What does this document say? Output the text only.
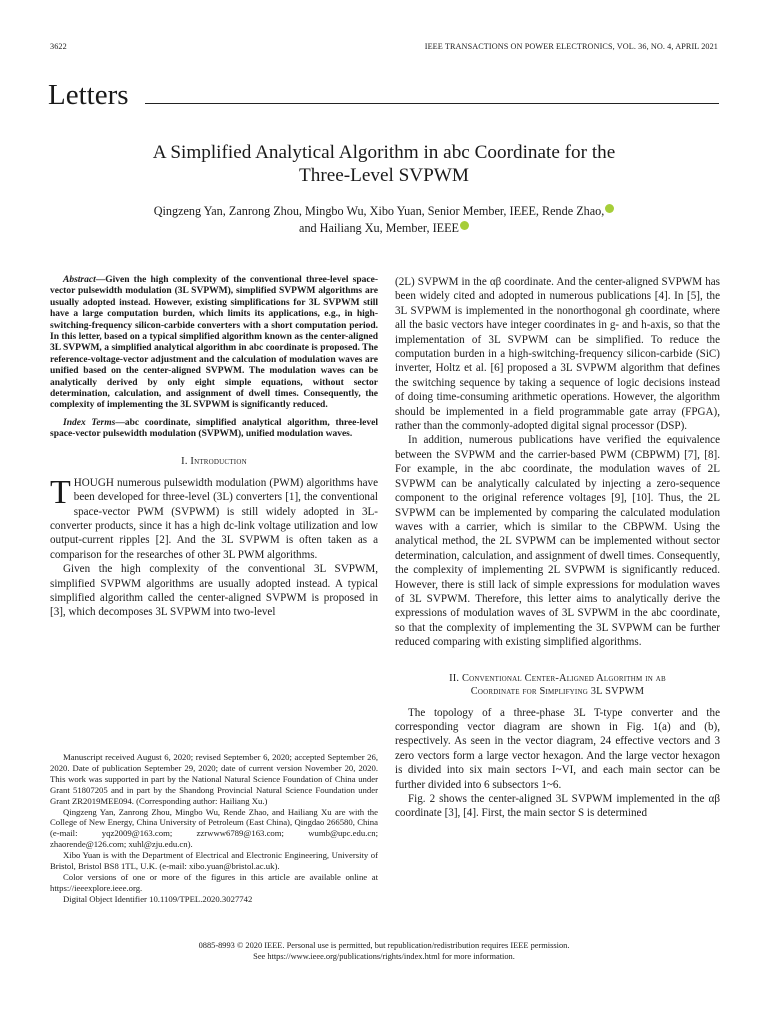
3622	IEEE TRANSACTIONS ON POWER ELECTRONICS, VOL. 36, NO. 4, APRIL 2021
Letters
A Simplified Analytical Algorithm in abc Coordinate for the
Three-Level SVPWM
Qingzeng Yan, Zanrong Zhou, Mingbo Wu, Xibo Yuan, Senior Member, IEEE, Rende Zhao,
and Hailiang Xu, Member, IEEE

Abstract—Given the high complexity of the conventional three-level space-vector pulsewidth modulation (3L SVPWM), simplified SVPWM algorithms are usually adopted instead. However, existing simplifications for 3L SVPWM still have a large computation burden, which limits its applications, e.g., in high-switching-frequency silicon-carbide converters with a short computation period. In this letter, based on a typical simplified algorithm known as the center-aligned 3L SVPWM, a simplified analytical algorithm in abc coordinate is proposed. The reference-voltage-vector adjustment and the calculation of modulation waves are unified based on the center-aligned SVPWM. The modulation waves can be analytically derived by only eight simple equations, without sector determination, calculation, and assignment of dwell times. Consequently, the complexity of implementing the 3L SVPWM is significantly reduced.

Index Terms—abc coordinate, simplified analytical algorithm, three-level space-vector pulsewidth modulation (SVPWM), unified modulation waves.

I. Introduction

THOUGH numerous pulsewidth modulation (PWM) algorithms have been developed for three-level (3L) converters [1], the conventional space-vector PWM (SVPWM) is still widely adopted in 3L-converter products, since it has a high dc-link voltage utilization and low output-current ripples [2]. And the 3L SVPWM is often taken as a comparison for the researches of other 3L PWM algorithms.

Given the high complexity of the conventional 3L SVPWM, simplified SVPWM algorithms are usually adopted instead. A typical simplified algorithm called the center-aligned SVPWM is proposed in [3], which decomposes 3L SVPWM into two-level

Manuscript received August 6, 2020; revised September 6, 2020; accepted September 26, 2020. Date of publication September 29, 2020; date of current version November 20, 2020. This work was supported in part by the National Natural Science Foundation of China under Grant 51807205 and in part by the Shandong Provincial Natural Science Foundation under Grant ZR2019MEE094. (Corresponding author: Hailiang Xu.)

Qingzeng Yan, Zanrong Zhou, Mingbo Wu, Rende Zhao, and Hailiang Xu are with the College of New Energy, China University of Petroleum (East China), Qingdao 266580, China (e-mail: yqz2009@163.com; zzrwww6789@163.com; wumb@upc.edu.cn; zhaorende@126.com; xuhl@zju.edu.cn).

Xibo Yuan is with the Department of Electrical and Electronic Engineering, University of Bristol, Bristol BS8 1TL, U.K. (e-mail: xibo.yuan@bristol.ac.uk).

Color versions of one or more of the figures in this article are available online at https://ieeexplore.ieee.org.

Digital Object Identifier 10.1109/TPEL.2020.3027742

(2L) SVPWM in the αβ coordinate. And the center-aligned SVPWM has been widely cited and adopted in numerous publications [4]. In [5], the 3L SVPWM is implemented in the nonorthogonal gh coordinate, where all the basic vectors have integer coordinates in g- and h-axis, so that the implementation of 3L SVPWM can be simplified. To reduce the computation burden in a high-switching-frequency silicon-carbide (SiC) inverter, Holtz et al. [6] proposed a 3L SVPWM algorithm that defines the switching sequence by taking a sequence of logic decisions instead of doing time-consuming arithmetic operations. However, the algorithm should be implemented in a field programmable gate array (FPGA), rather than the commonly-adopted digital signal processor (DSP).

In addition, numerous publications have verified the equivalence between the SVPWM and the carrier-based PWM (CBPWM) [7], [8]. For example, in the abc coordinate, the modulation waves of 2L SVPWM can be analytically calculated by injecting a zero-sequence component to the original reference voltages [9], [10]. Thus, the 2L SVPWM can be implemented by comparing the calculated modulation waves with a carrier, which is similar to the CBPWM. Using the analytical method, the 2L SVPWM can be implemented without sector determination, calculation, and assignment of dwell times. Consequently, the complexity of implementing 2L SVPWM is significantly reduced. However, there is still lack of simple expressions for modulation waves of 3L SVPWM. Therefore, this letter aims to analytically derive the expressions of modulation waves of 3L SVPWM in the abc coordinate, so that the complexity of implementing the 3L SVPWM can be further reduced comparing with existing simplified algorithms.

II. Conventional Center-Aligned Algorithm in αβ
Coordinate for Simplifying 3L SVPWM

The topology of a three-phase 3L T-type converter and the corresponding vector diagram are shown in Fig. 1(a) and (b), respectively. As seen in the vector diagram, 24 effective vectors and 3 zero vectors form a large vector hexagon. And the large vector hexagon is divided into six main sectors I~VI, and each main sector can be further divided into 6 subsectors 1~6.

Fig. 2 shows the center-aligned 3L SVPWM implemented in the αβ coordinate [3], [4]. First, the main sector S is determined

0885-8993 © 2020 IEEE. Personal use is permitted, but republication/redistribution requires IEEE permission.
See https://www.ieee.org/publications/rights/index.html for more information.
